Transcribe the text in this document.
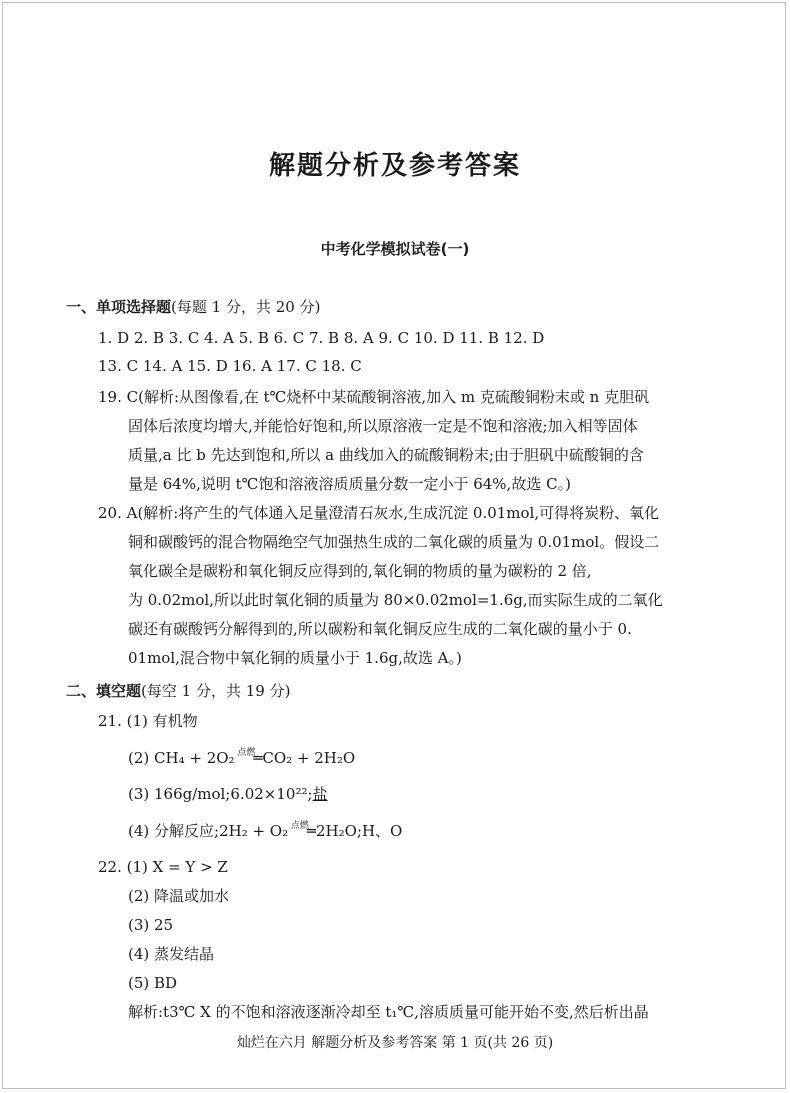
解题分析及参考答案
中考化学模拟试卷(一)
一、单项选择题(每题 1 分，共 20 分)
1. D 2. B 3. C 4. A 5. B 6. C 7. B 8. A 9. C 10. D 11. B 12. D
13. C 14. A 15. D 16. A 17. C 18. C
19. C(解析:从图像看,在 t℃烧杯中某硫酸铜溶液,加入 m 克硫酸铜粉末或 n 克胆矾
固体后浓度均增大,并能恰好饱和,所以原溶液一定是不饱和溶液;加入相等固体
质量,a 比 b 先达到饱和,所以 a 曲线加入的硫酸铜粉末;由于胆矾中硫酸铜的含
量是 64%,说明 t℃饱和溶液溶质质量分数一定小于 64%,故选 C。)
20. A(解析:将产生的气体通入足量澄清石灰水,生成沉淀 0.01mol,可得将炭粉、氧化
铜和碳酸钙的混合物隔绝空气加强热生成的二氧化碳的质量为 0.01mol。假设二
氧化碳全是碳粉和氧化铜反应得到的,氧化铜的物质的量为碳粉的 2 倍,
为 0.02mol,所以此时氧化铜的质量为 80×0.02mol=1.6g,而实际生成的二氧化
碳还有碳酸钙分解得到的,所以碳粉和氧化铜反应生成的二氧化碳的量小于 0.
01mol,混合物中氧化铜的质量小于 1.6g,故选 A。)
二、填空题(每空 1 分，共 19 分)
21. (1) 有机物
(2) CH₄ + 2O₂ $^{点燃}$═CO₂ + 2H₂O
(3) 166g/mol;6.02×10²²;盐
(4) 分解反应;2H₂ + O₂ $^{点燃}$═2H₂O;H、O
22. (1) X = Y > Z
(2) 降温或加水
(3) 25
(4) 蒸发结晶
(5) BD
解析:t3℃ X 的不饱和溶液逐渐冷却至 t₁℃,溶质质量可能开始不变,然后析出晶
灿烂在六月 解题分析及参考答案 第 1 页(共 26 页)
